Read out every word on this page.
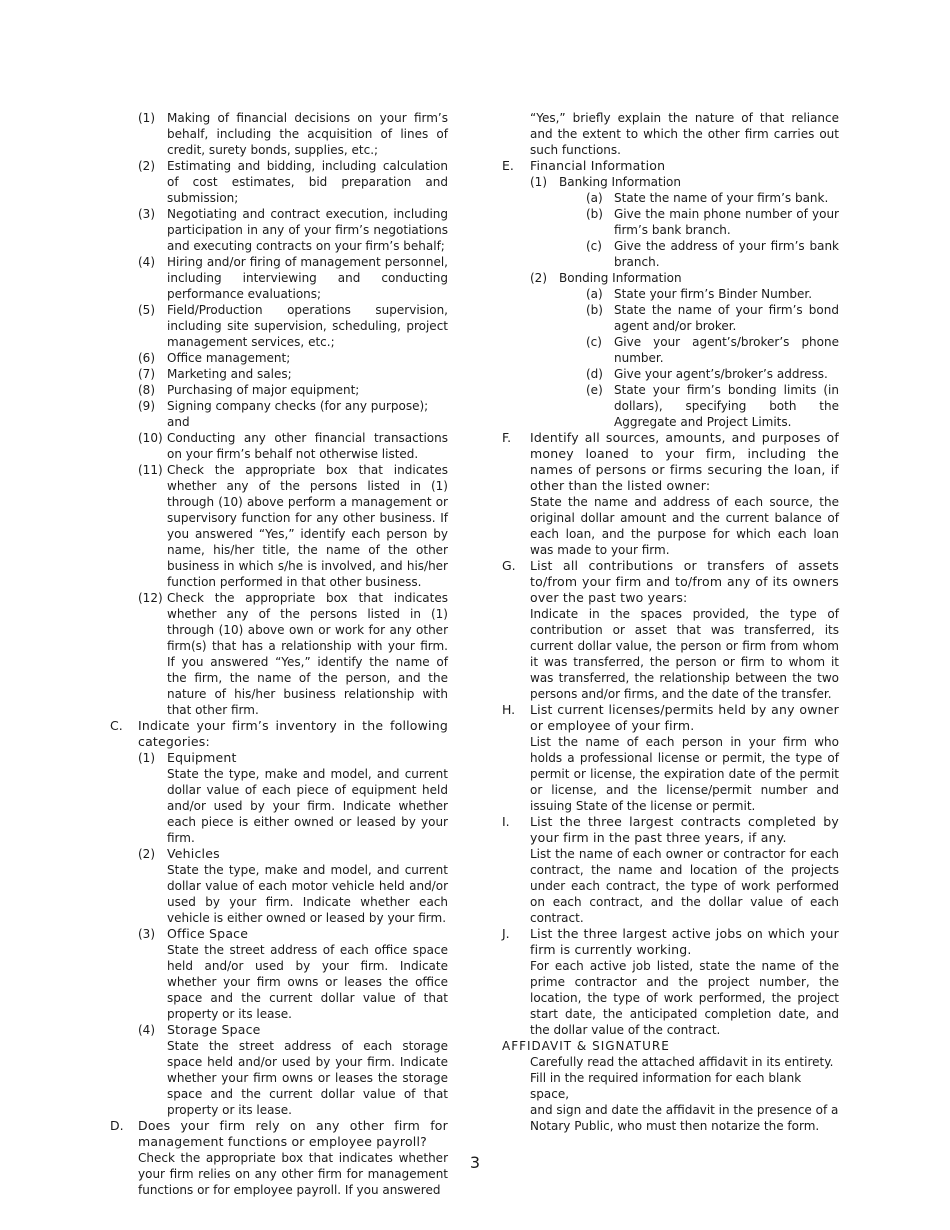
(1)	Making of financial decisions on your firm’s behalf, including the acquisition of lines of credit, surety bonds, supplies, etc.;
(2)	Estimating and bidding, including calculation of cost estimates, bid preparation and submission;
(3)	Negotiating and contract execution, including participation in any of your firm’s negotiations and executing contracts on your firm’s behalf;
(4)	Hiring and/or firing of management personnel, including interviewing and conducting performance evaluations;
(5)	Field/Production operations supervision, including site supervision, scheduling, project management services, etc.;
(6)	Office management;
(7)	Marketing and sales;
(8)	Purchasing of major equipment;
(9)	Signing company checks (for any purpose); and
(10) Conducting any other financial transactions on your firm’s behalf not otherwise listed.
(11) Check the appropriate box that indicates whether any of the persons listed in (1) through (10) above perform a management or supervisory function for any other business. If you answered “Yes,” identify each person by name, his/her title, the name of the other business in which s/he is involved, and his/her function performed in that other business.
(12) Check the appropriate box that indicates whether any of the persons listed in (1) through (10) above own or work for any other firm(s) that has a relationship with your firm. If you answered “Yes,” identify the name of the firm, the name of the person, and the nature of his/her business relationship with that other firm.
C.	Indicate your firm’s inventory in the following categories:
(1) Equipment
State the type, make and model, and current dollar value of each piece of equipment held and/or used by your firm. Indicate whether each piece is either owned or leased by your firm.
(2) Vehicles
State the type, make and model, and current dollar value of each motor vehicle held and/or used by your firm. Indicate whether each vehicle is either owned or leased by your firm.
(3) Office Space
State the street address of each office space held and/or used by your firm. Indicate whether your firm owns or leases the office space and the current dollar value of that property or its lease.
(4) Storage Space
State the street address of each storage space held and/or used by your firm. Indicate whether your firm owns or leases the storage space and the current dollar value of that property or its lease.
D.	Does your firm rely on any other firm for management functions or employee payroll?
Check the appropriate box that indicates whether your firm relies on any other firm for management functions or for employee payroll. If you answered
“Yes,” briefly explain the nature of that reliance and the extent to which the other firm carries out such functions.
E.	Financial Information
(1)	Banking Information
(a) State the name of your firm’s bank.
(b) Give the main phone number of your firm’s bank branch.
(c)	Give the address of your firm’s bank branch.
(2)	Bonding Information
(a) State your firm’s Binder Number.
(b) State the name of your firm’s bond agent and/or broker.
(c)	Give your agent’s/broker’s phone number.
(d) Give your agent’s/broker’s address.
(e) State your firm’s bonding limits (in dollars), specifying both the Aggregate and Project Limits.
F.	Identify all sources, amounts, and purposes of money loaned to your firm, including the names of persons or firms securing the loan, if other than the listed owner:
State the name and address of each source, the original dollar amount and the current balance of each loan, and the purpose for which each loan was made to your firm.
G.	List all contributions or transfers of assets to/from your firm and to/from any of its owners over the past two years:
Indicate in the spaces provided, the type of contribution or asset that was transferred, its current dollar value, the person or firm from whom it was transferred, the person or firm to whom it was transferred, the relationship between the two persons and/or firms, and the date of the transfer.
H.	List current licenses/permits held by any owner or employee of your firm.
List the name of each person in your firm who holds a professional license or permit, the type of permit or license, the expiration date of the permit or license, and the license/permit number and issuing State of the license or permit.
I.	List the three largest contracts completed by your firm in the past three years, if any.
List the name of each owner or contractor for each contract, the name and location of the projects under each contract, the type of work performed on each contract, and the dollar value of each contract.
J.	List the three largest active jobs on which your firm is currently working.
For each active job listed, state the name of the prime contractor and the project number, the location, the type of work performed, the project start date, the anticipated completion date, and the dollar value of the contract.
AFFIDAVIT & SIGNATURE
Carefully read the attached affidavit in its entirety.
Fill in the required information for each blank space,
and sign and date the affidavit in the presence of a
Notary Public, who must then notarize the form.
3
